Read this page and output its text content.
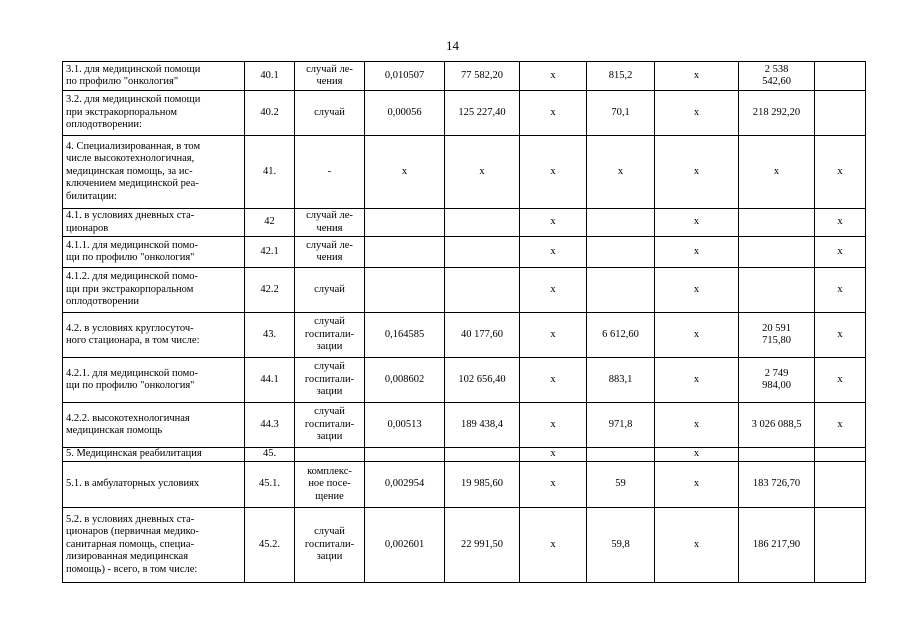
14
3.1. для медицинской помощи
по профилю "онкология"	40.1	случай ле-
чения	0,010507	77 582,20	х	815,2	х	2 538
542,60	
3.2. для медицинской помощи
при экстракорпоральном
оплодотворении:	40.2	случай	0,00056	125 227,40	х	70,1	х	218 292,20	
4. Специализированная, в том
числе высокотехнологичная,
медицинская помощь, за ис-
ключением медицинской реа-
билитации:	41.	-	х	х	х	х	х	х	х
4.1. в условиях дневных ста-
ционаров	42	случай ле-
чения			х		х		х
4.1.1. для медицинской помо-
щи по профилю "онкология"	42.1	случай ле-
чения			х		х		х
4.1.2. для медицинской помо-
щи при экстракорпоральном
оплодотворении	42.2	случай			х		х		х
4.2. в условиях круглосуточ-
ного стационара, в том числе:	43.	случай
госпитали-
зации	0,164585	40 177,60	х	6 612,60	х	20 591
715,80	х
4.2.1. для медицинской помо-
щи по профилю "онкология"	44.1	случай
госпитали-
зации	0,008602	102 656,40	х	883,1	х	2 749
984,00	х
4.2.2. высокотехнологичная
медицинская помощь	44.3	случай
госпитали-
зации	0,00513	189 438,4	х	971,8	х	3 026 088,5	х
5. Медицинская реабилитация	45.				х		х		
5.1. в амбулаторных условиях	45.1.	комплекс-
ное посе-
щение	0,002954	19 985,60	х	59	х	183 726,70	
5.2. в условиях дневных ста-
ционаров (первичная медико-
санитарная помощь, специа-
лизированная медицинская
помощь) - всего, в том числе:	45.2.	случай
госпитали-
зации	0,002601	22 991,50	х	59,8	х	186 217,90	
